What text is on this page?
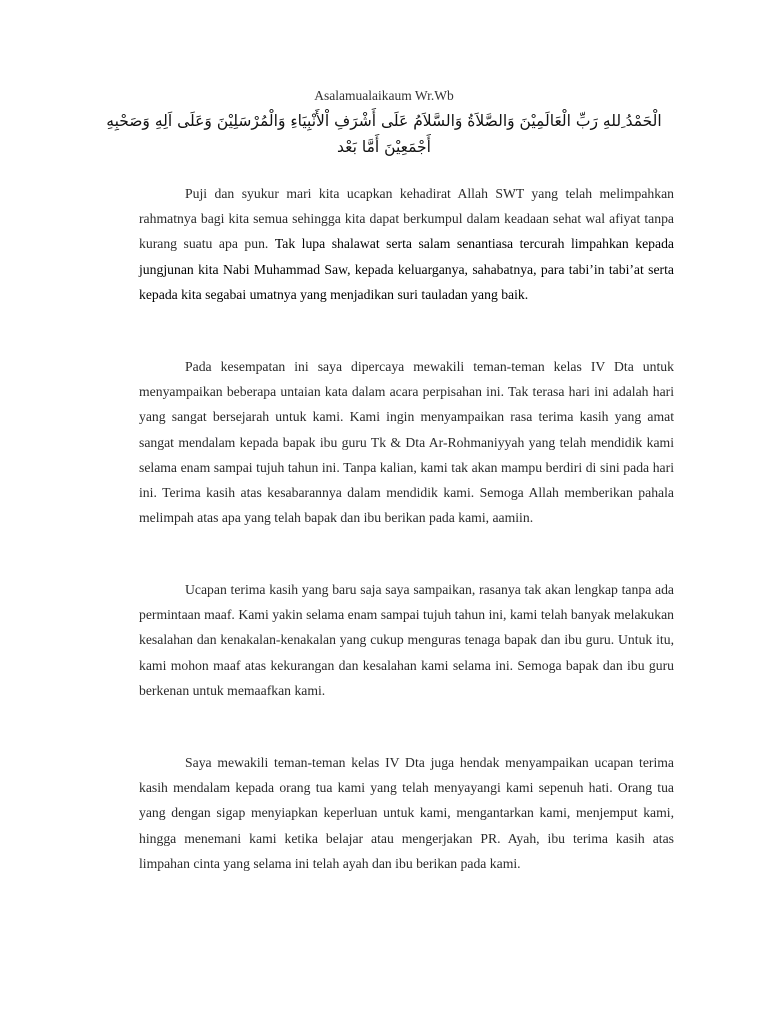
Asalamualaikaum Wr.Wb
الْحَمْدُ ِللهِ رَبِّ الْعَالَمِيْنَ وَالصَّلاَةُ وَالسَّلاَمُ عَلَى أَشْرَفِ اْلأَنْبِيَاءِ وَالْمُرْسَلِيْنَ وَعَلَى اَلِهِ وَصَحْبِهِ أَجْمَعِيْنَ أَمَّا بَعْد

Puji dan syukur mari kita ucapkan kehadirat Allah SWT yang telah melimpahkan rahmatnya bagi kita semua sehingga kita dapat berkumpul dalam keadaan sehat wal afiyat tanpa kurang suatu apa pun. Tak lupa shalawat serta salam senantiasa tercurah limpahkan kepada jungjunan kita Nabi Muhammad Saw, kepada keluarganya, sahabatnya, para tabi’in tabi’at serta kepada kita segabai umatnya yang menjadikan suri tauladan yang baik.

Pada kesempatan ini saya dipercaya mewakili teman-teman kelas IV Dta untuk menyampaikan beberapa untaian kata dalam acara perpisahan ini. Tak terasa hari ini adalah hari yang sangat bersejarah untuk kami. Kami ingin menyampaikan rasa terima kasih yang amat sangat mendalam kepada bapak ibu guru Tk & Dta Ar-Rohmaniyyah yang telah mendidik kami selama enam sampai tujuh tahun ini. Tanpa kalian, kami tak akan mampu berdiri di sini pada hari ini. Terima kasih atas kesabarannya dalam mendidik kami. Semoga Allah memberikan pahala melimpah atas apa yang telah bapak dan ibu berikan pada kami, aamiin.

Ucapan terima kasih yang baru saja saya sampaikan, rasanya tak akan lengkap tanpa ada permintaan maaf. Kami yakin selama enam sampai tujuh tahun ini, kami telah banyak melakukan kesalahan dan kenakalan-kenakalan yang cukup menguras tenaga bapak dan ibu guru. Untuk itu, kami mohon maaf atas kekurangan dan kesalahan kami selama ini. Semoga bapak dan ibu guru berkenan untuk memaafkan kami.

Saya mewakili teman-teman kelas IV Dta juga hendak menyampaikan ucapan terima kasih mendalam kepada orang tua kami yang telah menyayangi kami sepenuh hati. Orang tua yang dengan sigap menyiapkan keperluan untuk kami, mengantarkan kami, menjemput kami, hingga menemani kami ketika belajar atau mengerjakan PR. Ayah, ibu terima kasih atas limpahan cinta yang selama ini telah ayah dan ibu berikan pada kami.
